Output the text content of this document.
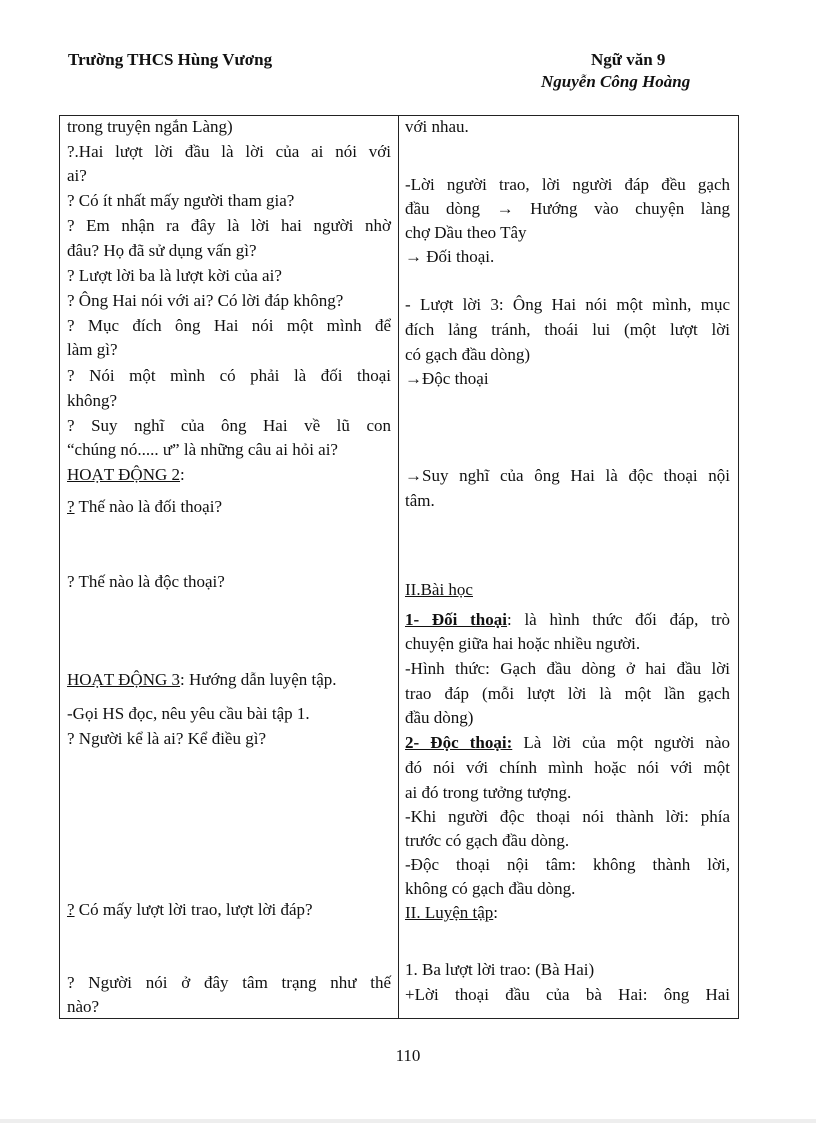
Trường THCS Hùng Vương	Ngữ văn 9
Nguyễn Công Hoàng
trong truyện ngắn Làng)
?.Hai lượt lời đầu là lời của ai nói với
ai?
? Có ít nhất mấy người tham gia?
? Em nhận ra đây là lời hai người nhờ
đâu? Họ đã sử dụng vấn gì?
? Lượt lời ba là lượt kời của ai?
? Ông Hai nói với ai? Có lời đáp không?
? Mục đích ông Hai nói một mình để
làm gì?
? Nói một mình có phải là đối thoại
không?
? Suy nghĩ của ông Hai về lũ con
“chúng nó..... ư” là những câu ai hỏi ai?
HOẠT ĐỘNG 2:
? Thế nào là đối thoại?
? Thế nào là độc thoại?
HOẠT ĐỘNG 3: Hướng dẫn luyện tập.
-Gọi HS đọc, nêu yêu cầu bài tập 1.
? Người kể là ai? Kể điều gì?
? Có mấy lượt lời trao, lượt lời đáp?
? Người nói ở đây tâm trạng như thế
nào?
với nhau.
-Lời người trao, lời người đáp đều gạch
đầu dòng → Hướng vào chuyện làng
chợ Dầu theo Tây
→ Đối thoại.
- Lượt lời 3: Ông Hai nói một mình, mục
đích lảng tránh, thoái lui (một lượt lời
có gạch đầu dòng)
→Độc thoại
→Suy nghĩ của ông Hai là độc thoại nội
tâm.
II.Bài học
1- Đối thoại: là hình thức đối đáp, trò
chuyện giữa hai hoặc nhiều người.
-Hình thức: Gạch đầu dòng ở hai đầu lời
trao đáp (mỗi lượt lời là một lần gạch
đầu dòng)
2- Độc thoại: Là lời của một người nào
đó nói với chính mình hoặc nói với một
ai đó trong tưởng tượng.
-Khi người độc thoại nói thành lời: phía
trước có gạch đầu dòng.
-Độc thoại nội tâm: không thành lời,
không có gạch đầu dòng.
II. Luyện tập:
1. Ba lượt lời trao: (Bà Hai)
+Lời thoại đầu của bà Hai: ông Hai
110
